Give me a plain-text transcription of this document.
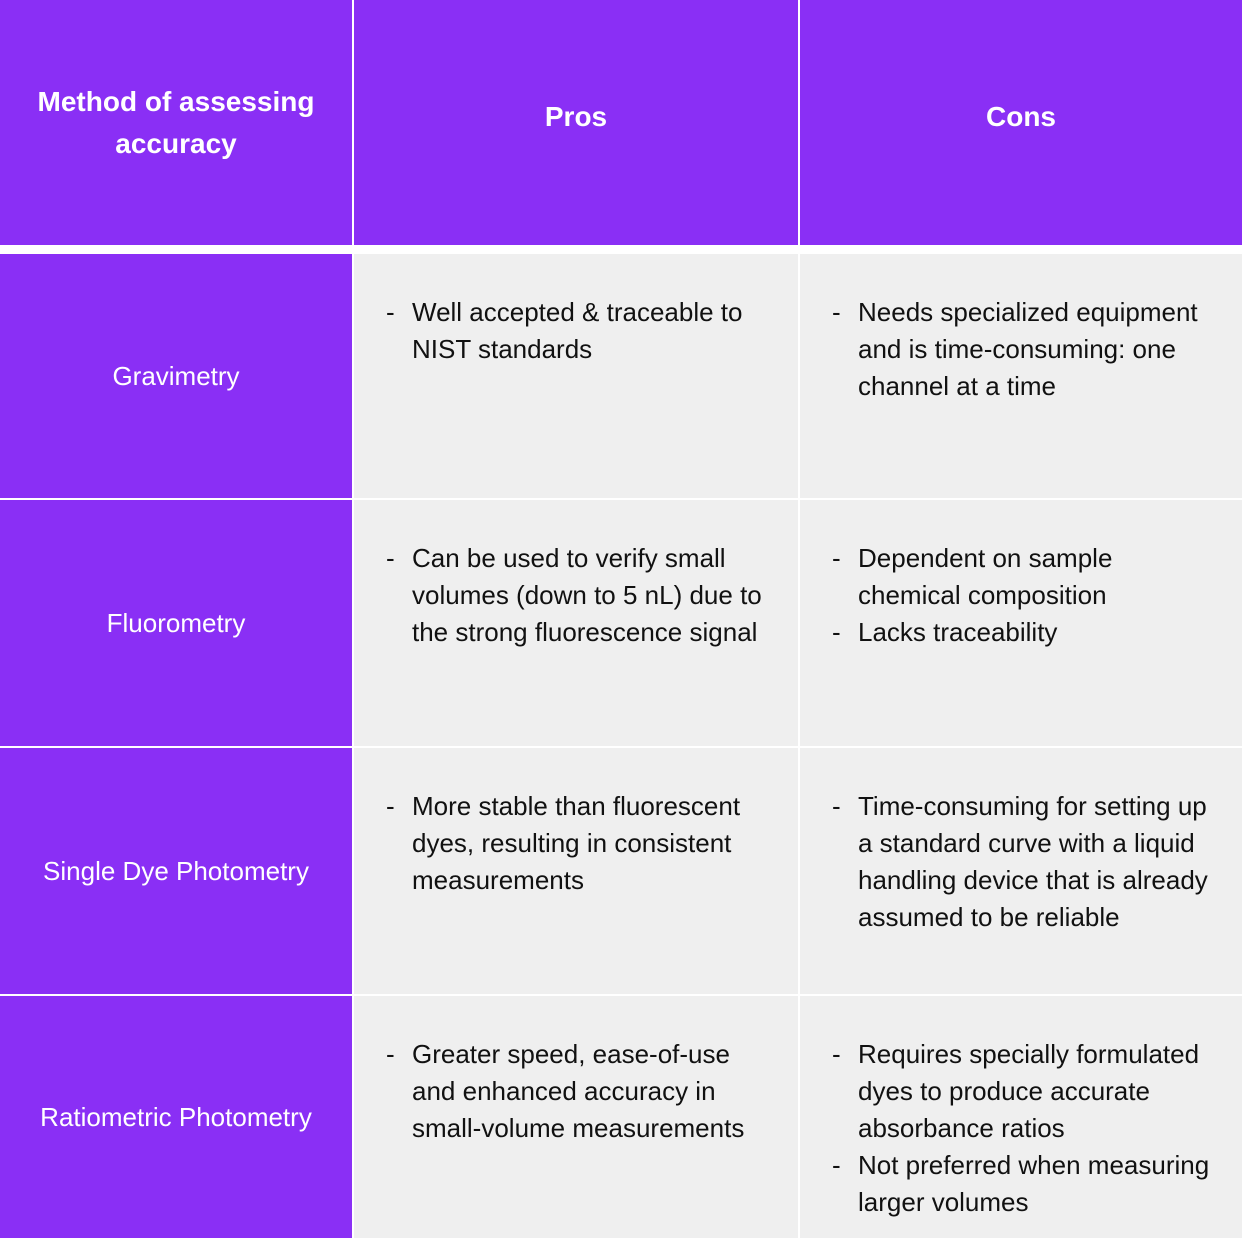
Method of assessing accuracy
Pros	Cons
Gravimetry
- Well accepted & traceable to NIST standards
- Needs specialized equipment and is time-consuming: one channel at a time
Fluorometry
- Can be used to verify small volumes (down to 5 nL) due to the strong fluorescence signal
- Dependent on sample chemical composition
- Lacks traceability
Single Dye Photometry
- More stable than fluorescent dyes, resulting in consistent measurements
- Time-consuming for setting up a standard curve with a liquid handling device that is already assumed to be reliable
Ratiometric Photometry
- Greater speed, ease-of-use and enhanced accuracy in small-volume measurements
- Requires specially formulated dyes to produce accurate absorbance ratios
- Not preferred when measuring larger volumes
